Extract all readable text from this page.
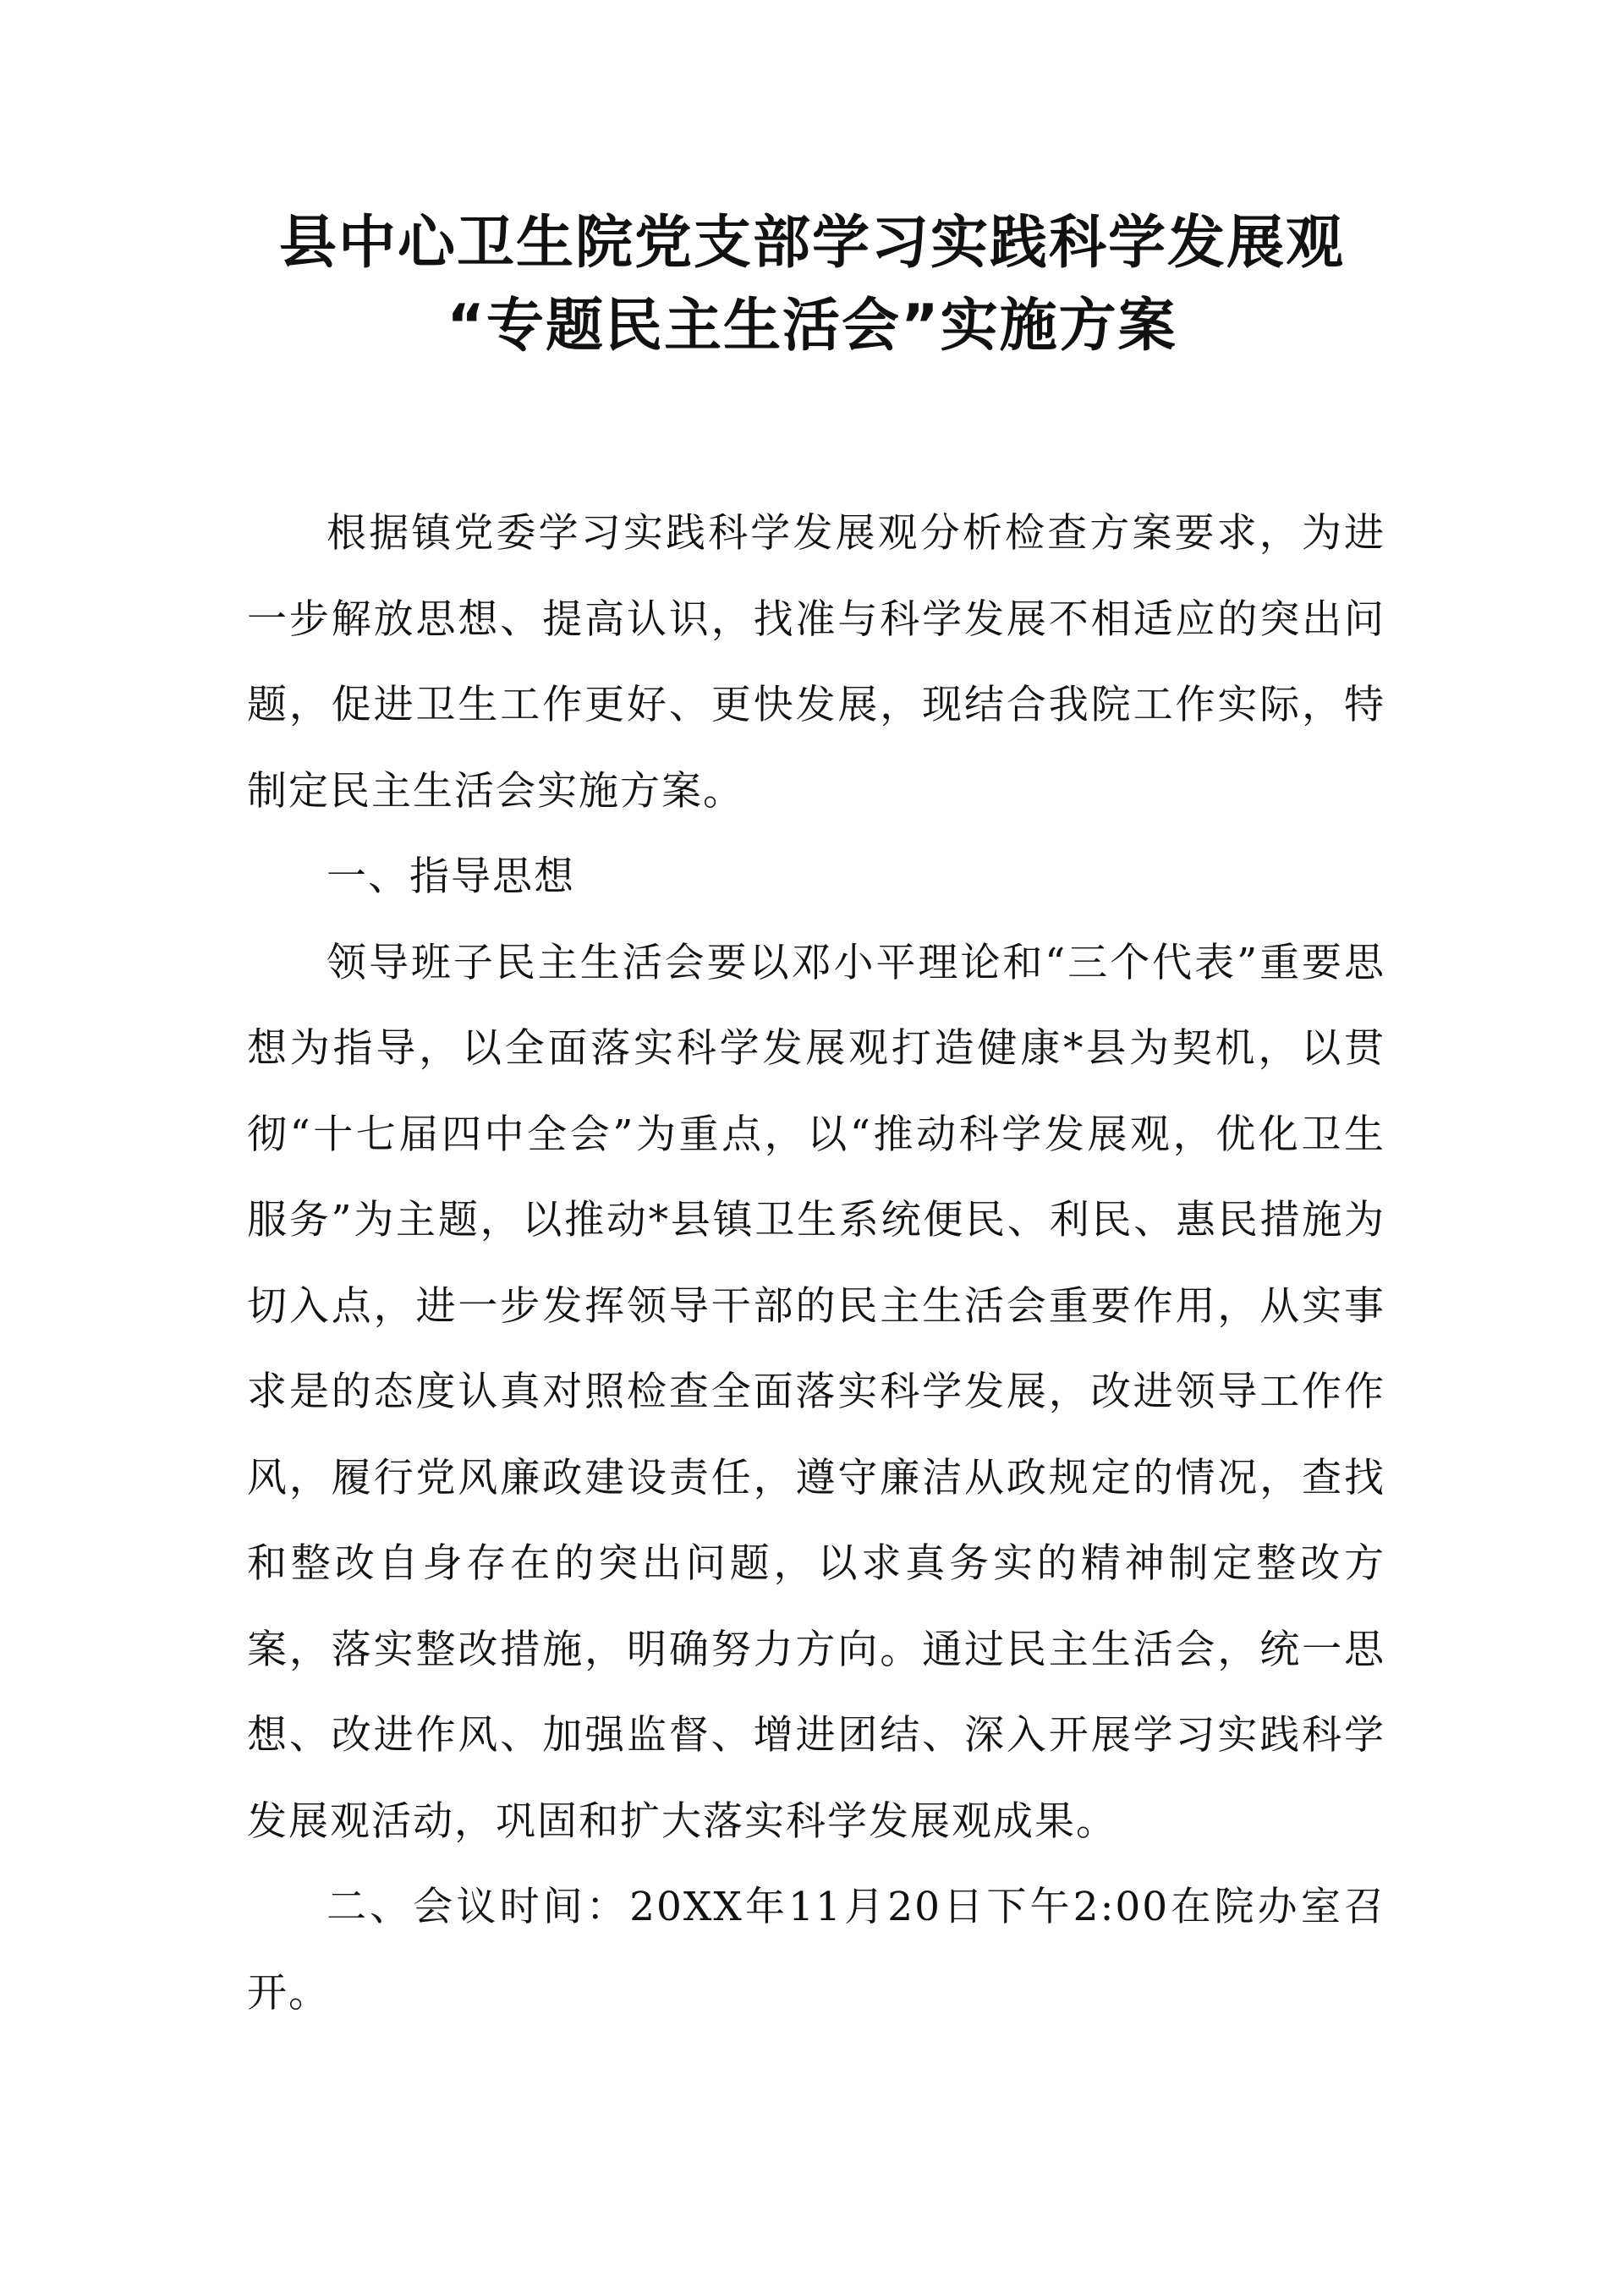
县中心卫生院党支部学习实践科学发展观
“专题民主生活会”实施方案

根据镇党委学习实践科学发展观分析检查方案要求，为进一步解放思想、提高认识，找准与科学发展不相适应的突出问题，促进卫生工作更好、更快发展，现结合我院工作实际，特制定民主生活会实施方案。

一、指导思想

领导班子民主生活会要以邓小平理论和“三个代表”重要思想为指导，以全面落实科学发展观打造健康*县为契机，以贯彻“十七届四中全会”为重点，以“推动科学发展观，优化卫生服务”为主题，以推动*县镇卫生系统便民、利民、惠民措施为切入点，进一步发挥领导干部的民主生活会重要作用，从实事求是的态度认真对照检查全面落实科学发展，改进领导工作作风，履行党风廉政建设责任，遵守廉洁从政规定的情况，查找和整改自身存在的突出问题，以求真务实的精神制定整改方案，落实整改措施，明确努力方向。通过民主生活会，统一思想、改进作风、加强监督、增进团结、深入开展学习实践科学发展观活动，巩固和扩大落实科学发展观成果。

二、会议时间：20XX年11月20日下午2:00在院办室召开。
